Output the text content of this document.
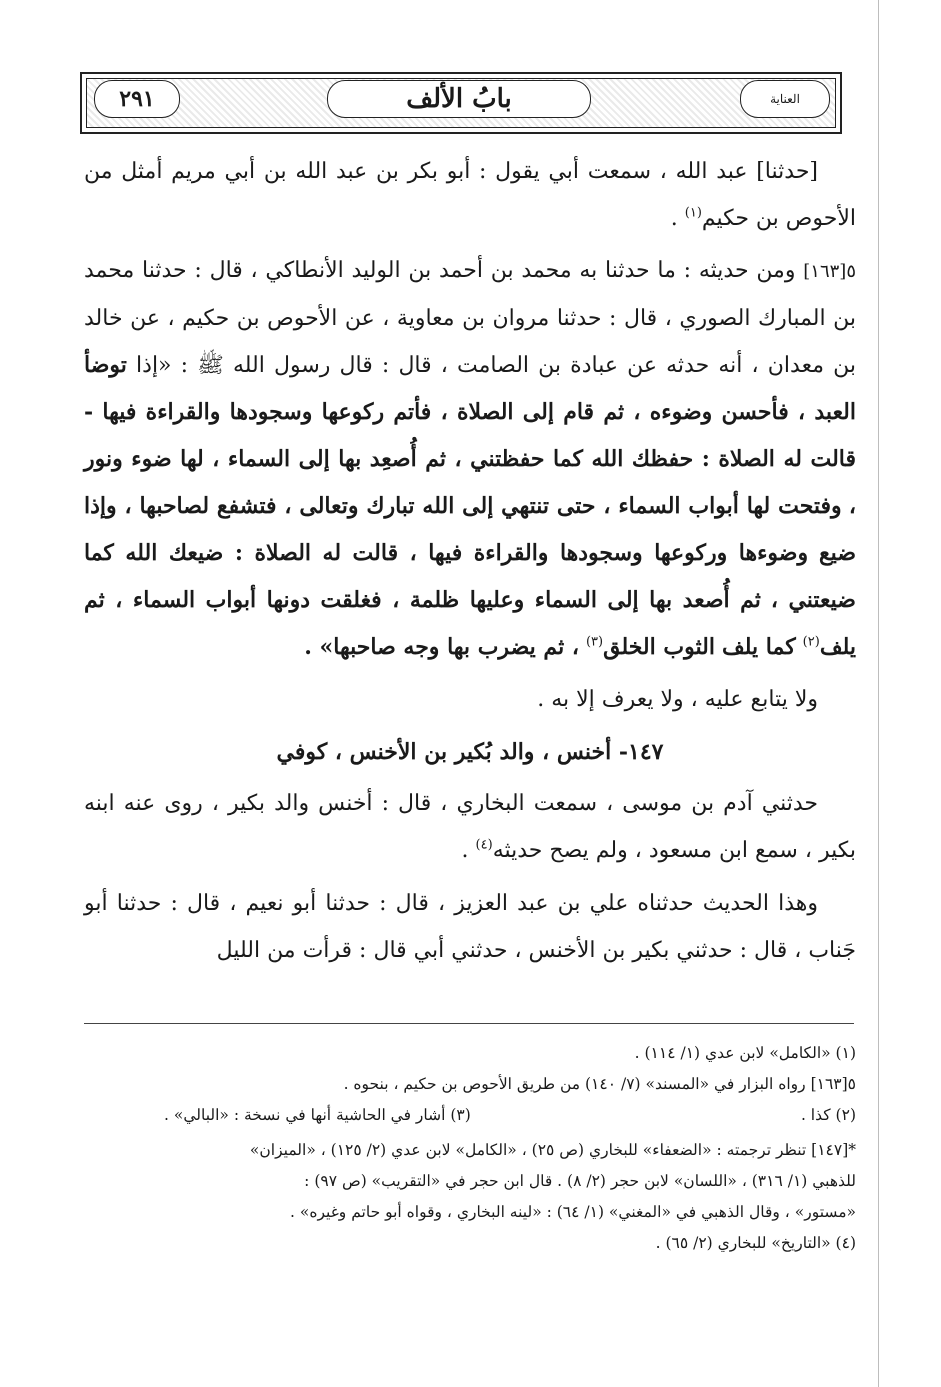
العناية
بابُ الألف
٢٩١

[حدثنا] عبد الله ، سمعت أبي يقول : أبو بكر بن عبد الله بن أبي مريم أمثل من الأحوص بن حكيم$^{(١)}$ .

٥[١٦٣] ومن حديثه : ما حدثنا به محمد بن أحمد بن الوليد الأنطاكي ، قال : حدثنا محمد بن المبارك الصوري ، قال : حدثنا مروان بن معاوية ، عن الأحوص بن حكيم ، عن خالد بن معدان ، أنه حدثه عن عبادة بن الصامت ، قال : قال رسول الله ﷺ : «إذا توضأ العبد ، فأحسن وضوءه ، ثم قام إلى الصلاة ، فأتم ركوعها وسجودها والقراءة فيها - قالت له الصلاة : حفظك الله كما حفظتني ، ثم أُصعِد بها إلى السماء ، لها ضوء ونور ، وفتحت لها أبواب السماء ، حتى تنتهي إلى الله تبارك وتعالى ، فتشفع لصاحبها ، وإذا ضيع وضوءها وركوعها وسجودها والقراءة فيها ، قالت له الصلاة : ضيعك الله كما ضيعتني ، ثم أُصعد بها إلى السماء وعليها ظلمة ، فغلقت دونها أبواب السماء ، ثم يلف$^{(٢)}$ كما يلف الثوب الخلق$^{(٣)}$ ، ثم يضرب بها وجه صاحبها» .

ولا يتابع عليه ، ولا يعرف إلا به .

١٤٧- أخنس ، والد بُكير بن الأخنس ، كوفي

حدثني آدم بن موسى ، سمعت البخاري ، قال : أخنس والد بكير ، روى عنه ابنه بكير ، سمع ابن مسعود ، ولم يصح حديثه$^{(٤)}$ .

وهذا الحديث حدثناه علي بن عبد العزيز ، قال : حدثنا أبو نعيم ، قال : حدثنا أبو جَناب ، قال : حدثني بكير بن الأخنس ، حدثني أبي قال : قرأت من الليل

(١) «الكامل» لابن عدي (١/ ١١٤) .

٥[١٦٣] رواه البزار في «المسند» (٧/ ١٤٠) من طريق الأحوص بن حكيم ، بنحوه .

(٢) كذا .
(٣) أشار في الحاشية أنها في نسخة : «البالي» .

*[١٤٧] تنظر ترجمته : «الضعفاء» للبخاري (ص ٢٥) ، «الكامل» لابن عدي (٢/ ١٢٥) ، «الميزان»
للذهبي (١/ ٣١٦) ، «اللسان» لابن حجر (٢/ ٨) . قال ابن حجر في «التقريب» (ص ٩٧) :
«مستور» ، وقال الذهبي في «المغني» (١/ ٦٤) : «لينه البخاري ، وقواه أبو حاتم وغيره» .

(٤) «التاريخ» للبخاري (٢/ ٦٥) .
